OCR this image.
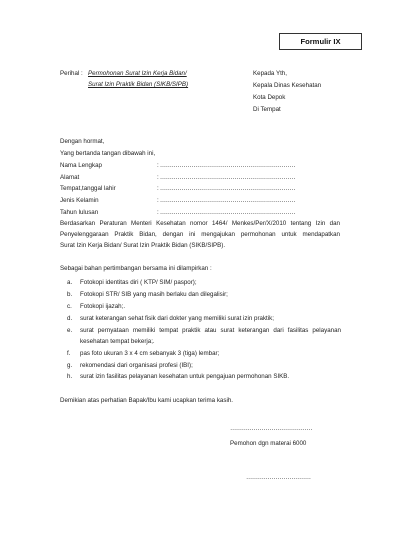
Formulir IX
Perihal : Permohonan Surat Izin Kerja Bidan/
Surat Izin Praktik Bidan (SIKB/SIPB)
Kepada Yth,
Kepala Dinas Kesehatan
Kota Depok
Di Tempat
Dengan hormat,
Yang bertanda tangan dibawah ini,
Nama Lengkap	: ……………………………………………………………
Alamat	: ……………………………………………………………
Tempat,tanggal lahir	: ……………………………………………………………
Jenis Kelamin	: ……………………………………………………………
Tahun lulusan	: ……………………………………………………………
Berdasarkan Peraturan Menteri Kesehatan nomor 1464/ Menkes/Per/X/2010 tentang Izin dan
Penyelenggaraan Praktik Bidan, dengan ini mengajukan permohonan untuk mendapatkan
Surat Izin Kerja Bidan/ Surat Izin Praktik Bidan (SIKB/SIPB).
Sebagai bahan pertimbangan bersama ini dilampirkan :
a. Fotokopi identitas diri ( KTP/ SIM/ paspor);
b. Fotokopi STR/ SIB yang masih berlaku dan dilegalisir;
c. Fotokopi ijazah;.
d. surat keterangan sehat fisik dari dokter yang memiliki surat izin praktik;
e. surat pernyataan memiliki tempat praktik atau surat keterangan dari fasilitas pelayanan
kesehatan tempat bekerja;.
f. pas foto ukuran 3 x 4 cm sebanyak 3 (tiga) lembar;
g. rekomendasi dari organisasi profesi (IBI);
h. surat izin fasilitas pelayanan kesehatan untuk pengajuan permohonan SIKB.
Demikian atas perhatian Bapak/Ibu kami ucapkan terima kasih.
……………………………………
Pemohon dgn materai 6000
……………………………
